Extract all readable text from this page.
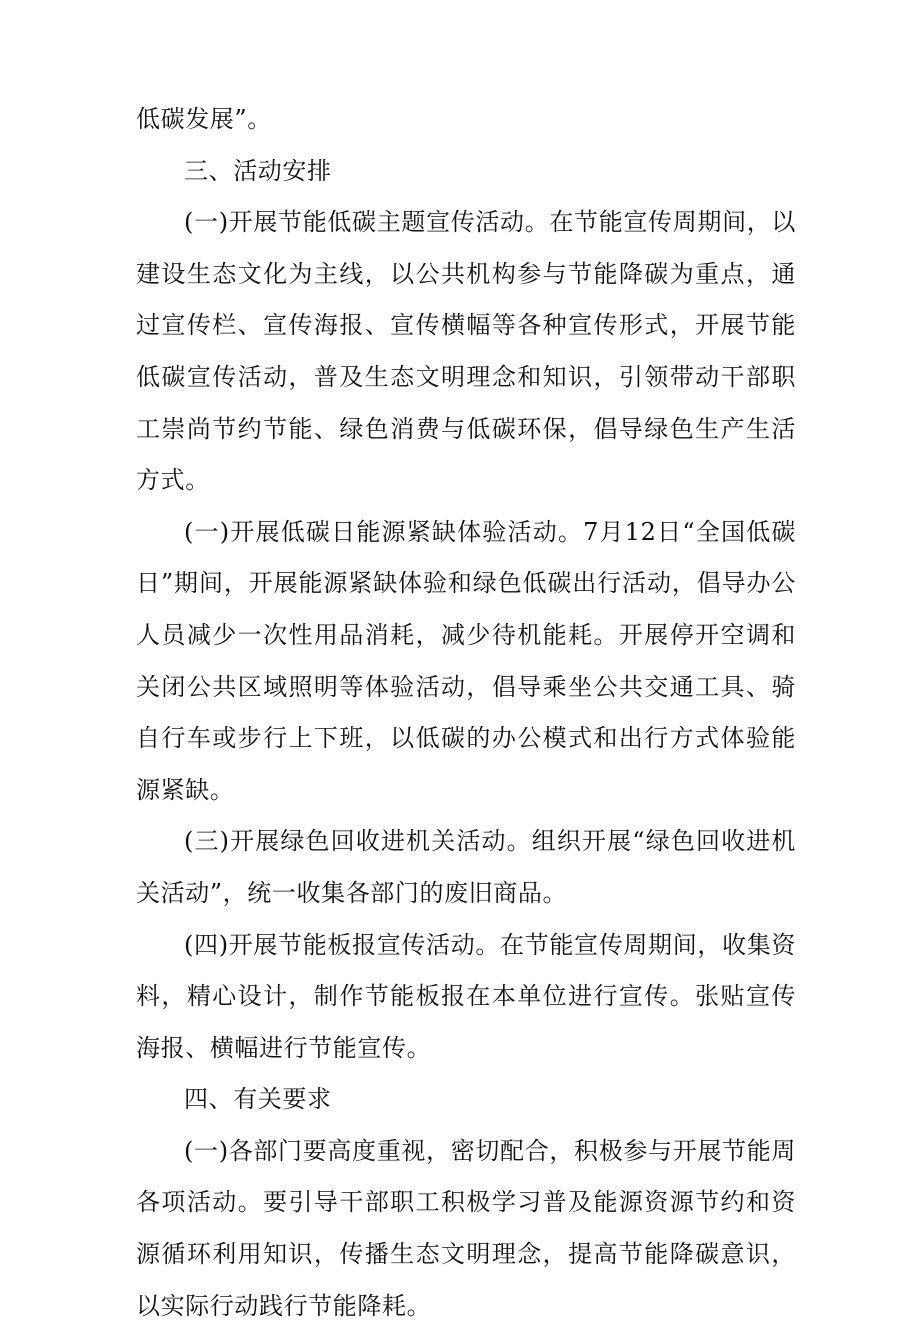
低碳发展”。

三、活动安排

(一)开展节能低碳主题宣传活动。在节能宣传周期间，以建设生态文化为主线，以公共机构参与节能降碳为重点，通过宣传栏、宣传海报、宣传横幅等各种宣传形式，开展节能低碳宣传活动，普及生态文明理念和知识，引领带动干部职工崇尚节约节能、绿色消费与低碳环保，倡导绿色生产生活方式。

(一)开展低碳日能源紧缺体验活动。7月12日“全国低碳日”期间，开展能源紧缺体验和绿色低碳出行活动，倡导办公人员减少一次性用品消耗，减少待机能耗。开展停开空调和关闭公共区域照明等体验活动，倡导乘坐公共交通工具、骑自行车或步行上下班，以低碳的办公模式和出行方式体验能源紧缺。

(三)开展绿色回收进机关活动。组织开展“绿色回收进机关活动”，统一收集各部门的废旧商品。

(四)开展节能板报宣传活动。在节能宣传周期间，收集资料，精心设计，制作节能板报在本单位进行宣传。张贴宣传海报、横幅进行节能宣传。

四、有关要求

(一)各部门要高度重视，密切配合，积极参与开展节能周各项活动。要引导干部职工积极学习普及能源资源节约和资源循环利用知识，传播生态文明理念，提高节能降碳意识，以实际行动践行节能降耗。
